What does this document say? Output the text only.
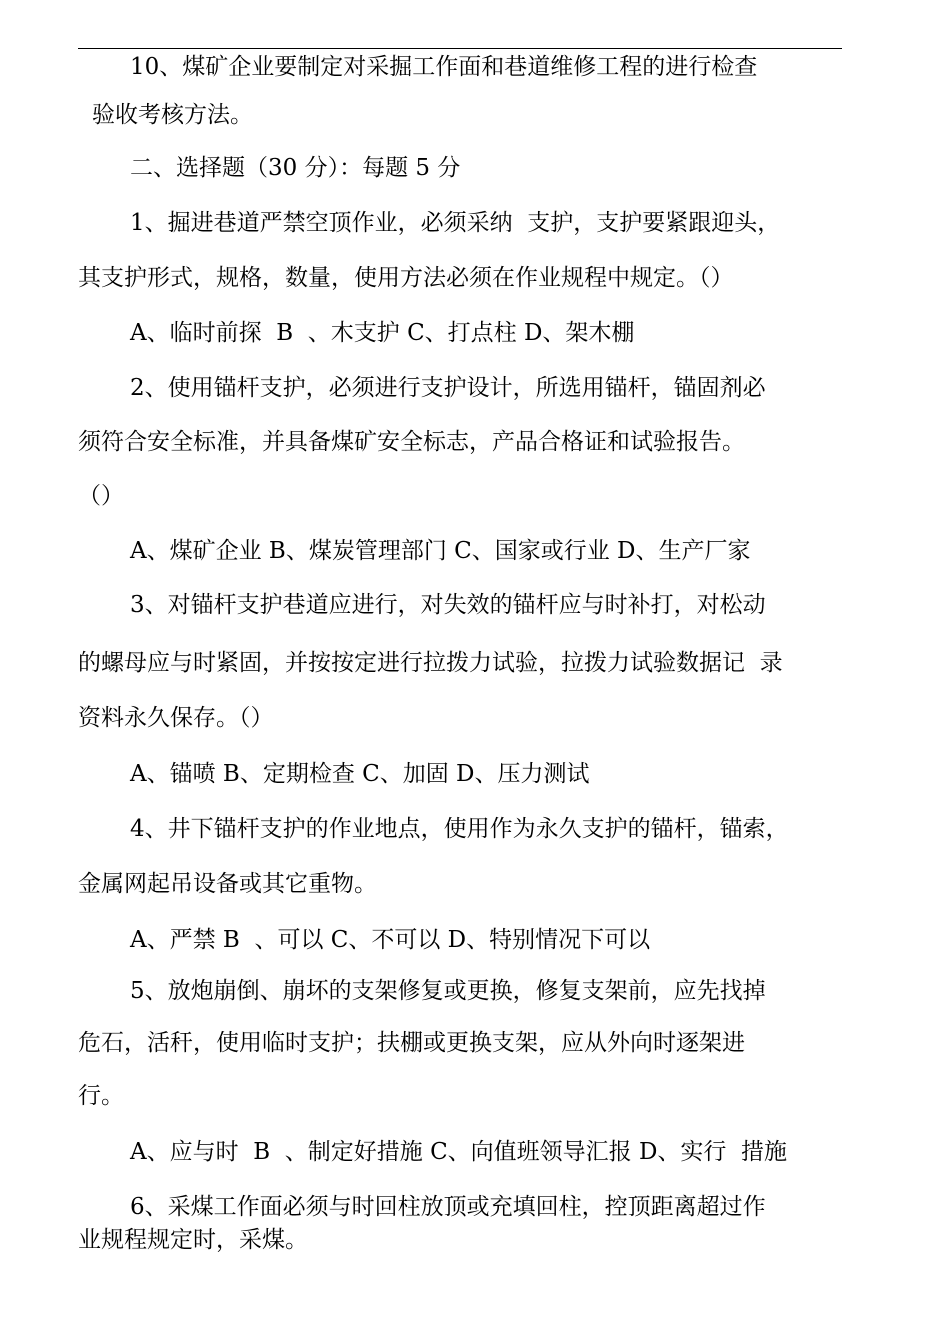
10、煤矿企业要制定对采掘工作面和巷道维修工程的进行检查
验收考核方法。
二、选择题（30 分）：每题 5 分
1、掘进巷道严禁空顶作业，必须采纳  支护，支护要紧跟迎头，
其支护形式，规格，数量，使用方法必须在作业规程中规定。（）
A、临时前探  B  、木支护 C、打点柱 D、架木棚
2、使用锚杆支护，必须进行支护设计，所选用锚杆，锚固剂必
须符合安全标准，并具备煤矿安全标志，产品合格证和试验报告。
（）
A、煤矿企业 B、煤炭管理部门 C、国家或行业 D、生产厂家
3、对锚杆支护巷道应进行，对失效的锚杆应与时补打，对松动
的螺母应与时紧固，并按按定进行拉拨力试验，拉拨力试验数据记  录
资料永久保存。（）
A、锚喷 B、定期检查 C、加固 D、压力测试
4、井下锚杆支护的作业地点，使用作为永久支护的锚杆，锚索，
金属网起吊设备或其它重物。
A、严禁 B  、可以 C、不可以 D、特别情况下可以
5、放炮崩倒、崩坏的支架修复或更换，修复支架前，应先找掉
危石，活秆，使用临时支护；扶棚或更换支架，应从外向时逐架进
行。
A、应与时  B  、制定好措施 C、向值班领导汇报 D、实行  措施
6、采煤工作面必须与时回柱放顶或充填回柱，控顶距离超过作
业规程规定时，采煤。
